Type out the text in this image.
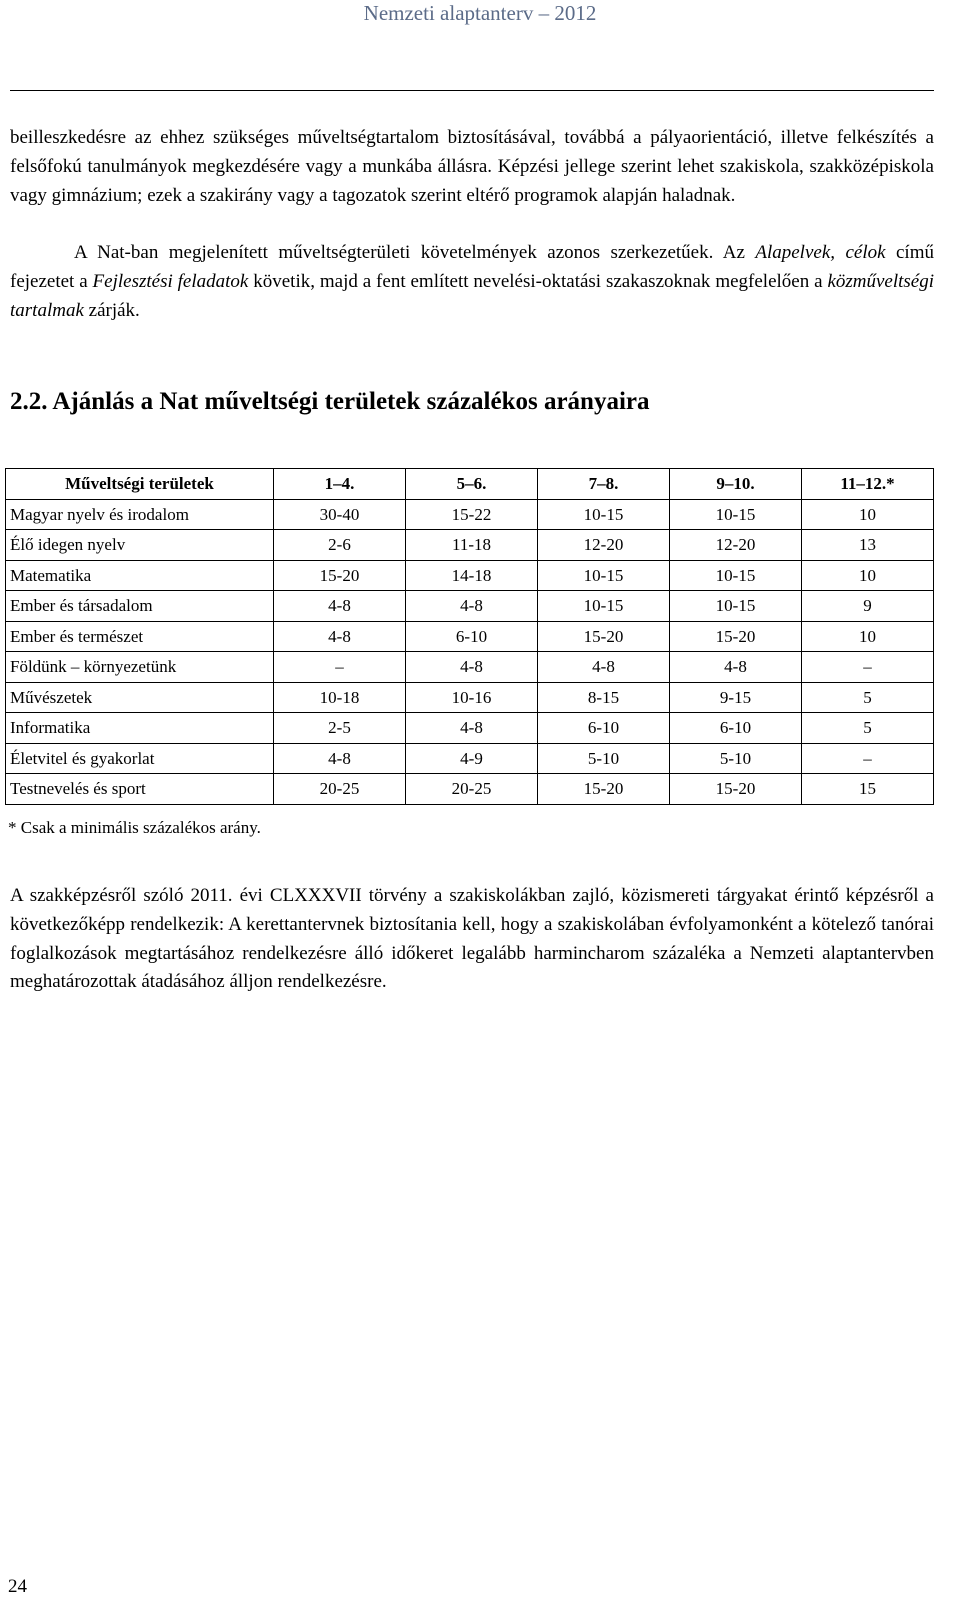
Nemzeti alaptanterv – 2012

beilleszkedésre az ehhez szükséges műveltségtartalom biztosításával, továbbá a pályaorientáció, illetve felkészítés a felsőfokú tanulmányok megkezdésére vagy a munkába állásra. Képzési jellege szerint lehet szakiskola, szakközépiskola vagy gimnázium; ezek a szakirány vagy a tagozatok szerint eltérő programok alapján haladnak.

A Nat-ban megjelenített műveltségterületi követelmények azonos szerkezetűek. Az Alapelvek, célok című fejezetet a Fejlesztési feladatok követik, majd a fent említett nevelési-oktatási szakaszoknak megfelelően a közműveltségi tartalmak zárják.

2.2. Ajánlás a Nat műveltségi területek százalékos arányaira
Műveltségi területek	1–4.	5–6.	7–8.	9–10.	11–12.*
Magyar nyelv és irodalom	30-40	15-22	10-15	10-15	10
Élő idegen nyelv	2-6	11-18	12-20	12-20	13
Matematika	15-20	14-18	10-15	10-15	10
Ember és társadalom	4-8	4-8	10-15	10-15	9
Ember és természet	4-8	6-10	15-20	15-20	10
Földünk – környezetünk	–	4-8	4-8	4-8	–
Művészetek	10-18	10-16	8-15	9-15	5
Informatika	2-5	4-8	6-10	6-10	5
Életvitel és gyakorlat	4-8	4-9	5-10	5-10	–
Testnevelés és sport	20-25	20-25	15-20	15-20	15

* Csak a minimális százalékos arány.

A szakképzésről szóló 2011. évi CLXXXVII törvény a szakiskolákban zajló, közismereti tárgyakat érintő képzésről a következőképp rendelkezik: A kerettantervnek biztosítania kell, hogy a szakiskolában évfolyamonként a kötelező tanórai foglalkozások megtartásához rendelkezésre álló időkeret legalább harmincharom százaléka a Nemzeti alaptantervben meghatározottak átadásához álljon rendelkezésre.

24
